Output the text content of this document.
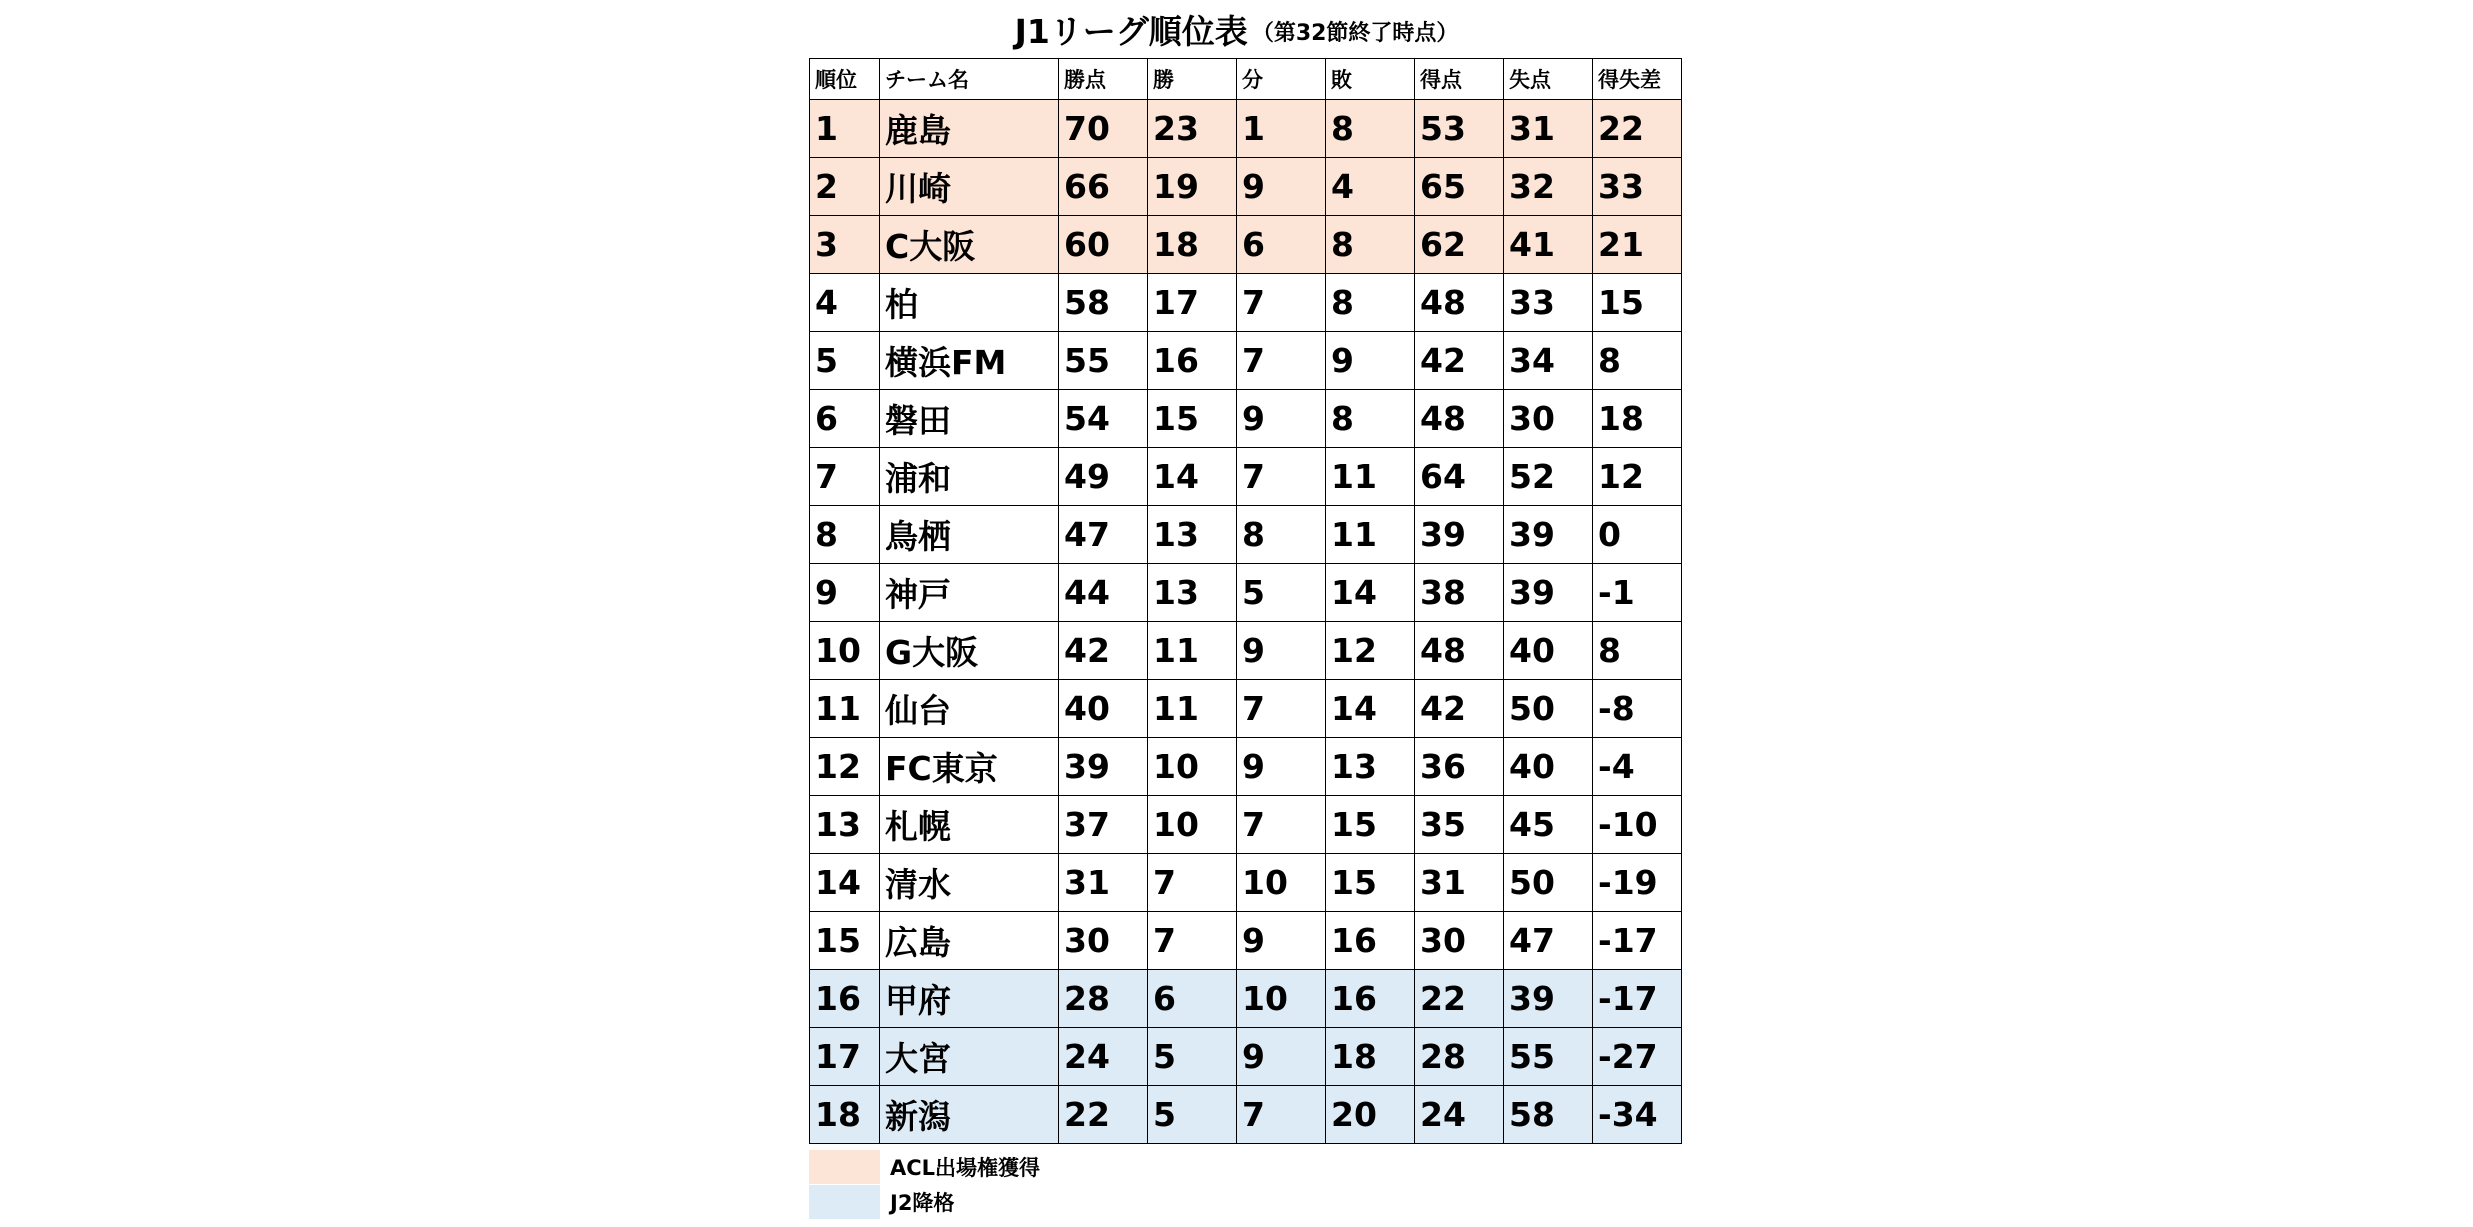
J1リーグ順位表 （第32節終了時点）
順位	チーム名	勝点	勝	分	敗	得点	失点	得失差
1	鹿島	70	23	1	8	53	31	22
2	川崎	66	19	9	4	65	32	33
3	C大阪	60	18	6	8	62	41	21
4	柏	58	17	7	8	48	33	15
5	横浜FM	55	16	7	9	42	34	8
6	磐田	54	15	9	8	48	30	18
7	浦和	49	14	7	11	64	52	12
8	鳥栖	47	13	8	11	39	39	0
9	神戸	44	13	5	14	38	39	-1
10	G大阪	42	11	9	12	48	40	8
11	仙台	40	11	7	14	42	50	-8
12	FC東京	39	10	9	13	36	40	-4
13	札幌	37	10	7	15	35	45	-10
14	清水	31	7	10	15	31	50	-19
15	広島	30	7	9	16	30	47	-17
16	甲府	28	6	10	16	22	39	-17
17	大宮	24	5	9	18	28	55	-27
18	新潟	22	5	7	20	24	58	-34
ACL出場権獲得
J2降格
